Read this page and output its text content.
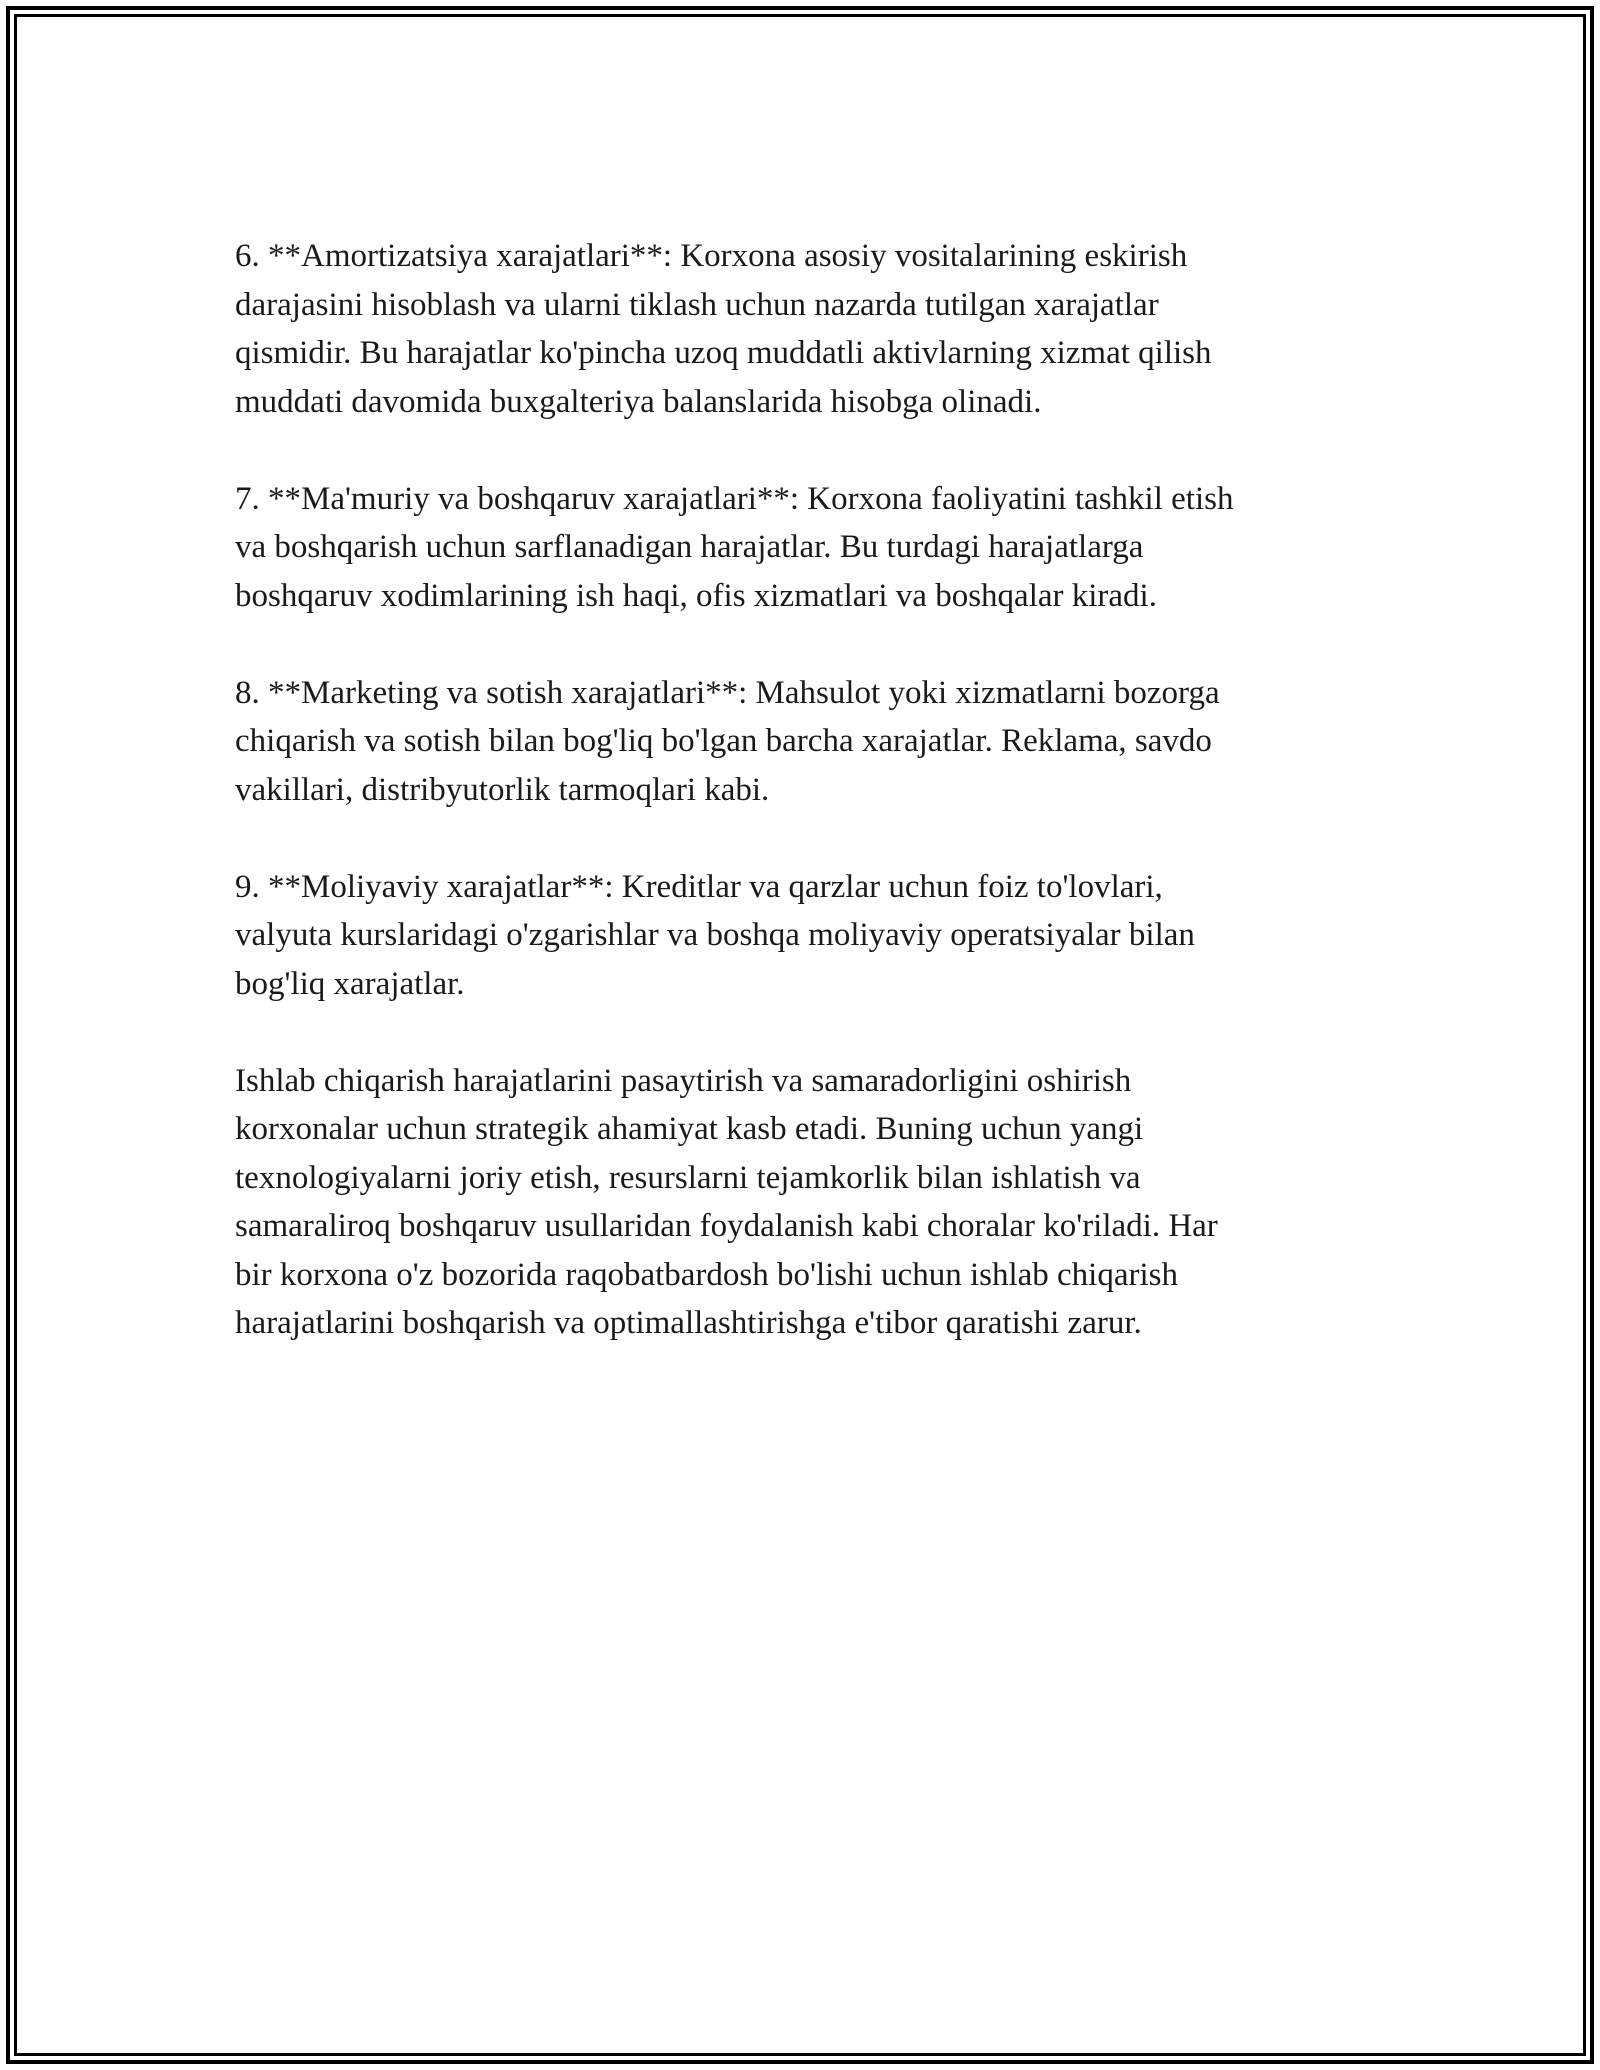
6. **Amortizatsiya xarajatlari**: Korxona asosiy vositalarining eskirish
darajasini hisoblash va ularni tiklash uchun nazarda tutilgan xarajatlar
qismidir. Bu harajatlar ko'pincha uzoq muddatli aktivlarning xizmat qilish
muddati davomida buxgalteriya balanslarida hisobga olinadi.

7. **Ma'muriy va boshqaruv xarajatlari**: Korxona faoliyatini tashkil etish
va boshqarish uchun sarflanadigan harajatlar. Bu turdagi harajatlarga
boshqaruv xodimlarining ish haqi, ofis xizmatlari va boshqalar kiradi.

8. **Marketing va sotish xarajatlari**: Mahsulot yoki xizmatlarni bozorga
chiqarish va sotish bilan bog'liq bo'lgan barcha xarajatlar. Reklama, savdo
vakillari, distribyutorlik tarmoqlari kabi.

9. **Moliyaviy xarajatlar**: Kreditlar va qarzlar uchun foiz to'lovlari,
valyuta kurslaridagi o'zgarishlar va boshqa moliyaviy operatsiyalar bilan
bog'liq xarajatlar.

Ishlab chiqarish harajatlarini pasaytirish va samaradorligini oshirish
korxonalar uchun strategik ahamiyat kasb etadi. Buning uchun yangi
texnologiyalarni joriy etish, resurslarni tejamkorlik bilan ishlatish va
samaraliroq boshqaruv usullaridan foydalanish kabi choralar ko'riladi. Har
bir korxona o'z bozorida raqobatbardosh bo'lishi uchun ishlab chiqarish
harajatlarini boshqarish va optimallashtirishga e'tibor qaratishi zarur.
